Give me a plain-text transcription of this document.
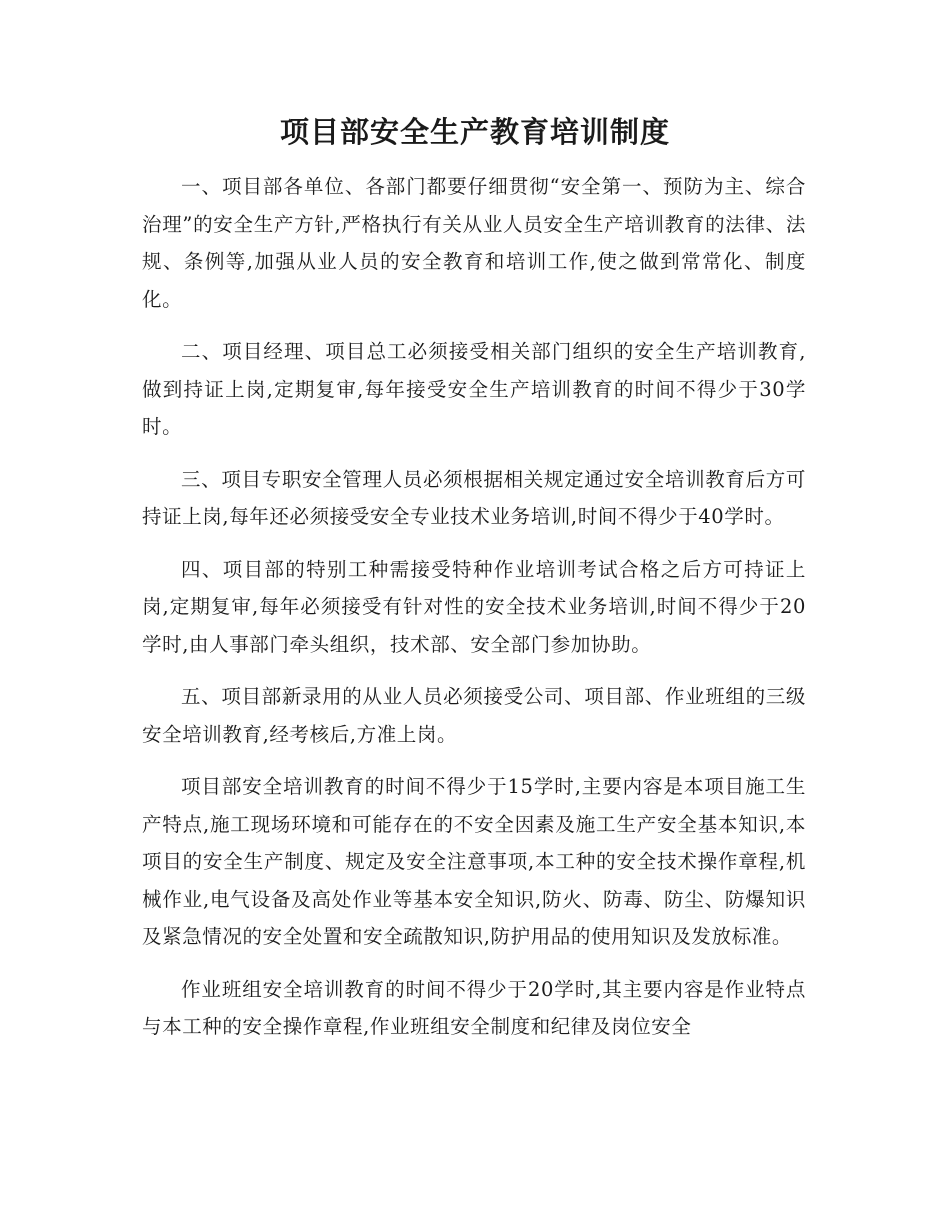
项目部安全生产教育培训制度

一、项目部各单位、各部门都要仔细贯彻“安全第一、预防为主、综合治理”的安全生产方针,严格执行有关从业人员安全生产培训教育的法律、法规、条例等,加强从业人员的安全教育和培训工作,使之做到常常化、制度化。

二、项目经理、项目总工必须接受相关部门组织的安全生产培训教育,做到持证上岗,定期复审,每年接受安全生产培训教育的时间不得少于30学时。

三、项目专职安全管理人员必须根据相关规定通过安全培训教育后方可持证上岗,每年还必须接受安全专业技术业务培训,时间不得少于40学时。

四、项目部的特别工种需接受特种作业培训考试合格之后方可持证上岗,定期复审,每年必须接受有针对性的安全技术业务培训,时间不得少于20学时,由人事部门牵头组织，技术部、安全部门参加协助。

五、项目部新录用的从业人员必须接受公司、项目部、作业班组的三级安全培训教育,经考核后,方准上岗。

项目部安全培训教育的时间不得少于15学时,主要内容是本项目施工生产特点,施工现场环境和可能存在的不安全因素及施工生产安全基本知识,本项目的安全生产制度、规定及安全注意事项,本工种的安全技术操作章程,机械作业,电气设备及高处作业等基本安全知识,防火、防毒、防尘、防爆知识及紧急情况的安全处置和安全疏散知识,防护用品的使用知识及发放标准。

作业班组安全培训教育的时间不得少于20学时,其主要内容是作业特点与本工种的安全操作章程,作业班组安全制度和纪律及岗位安全
